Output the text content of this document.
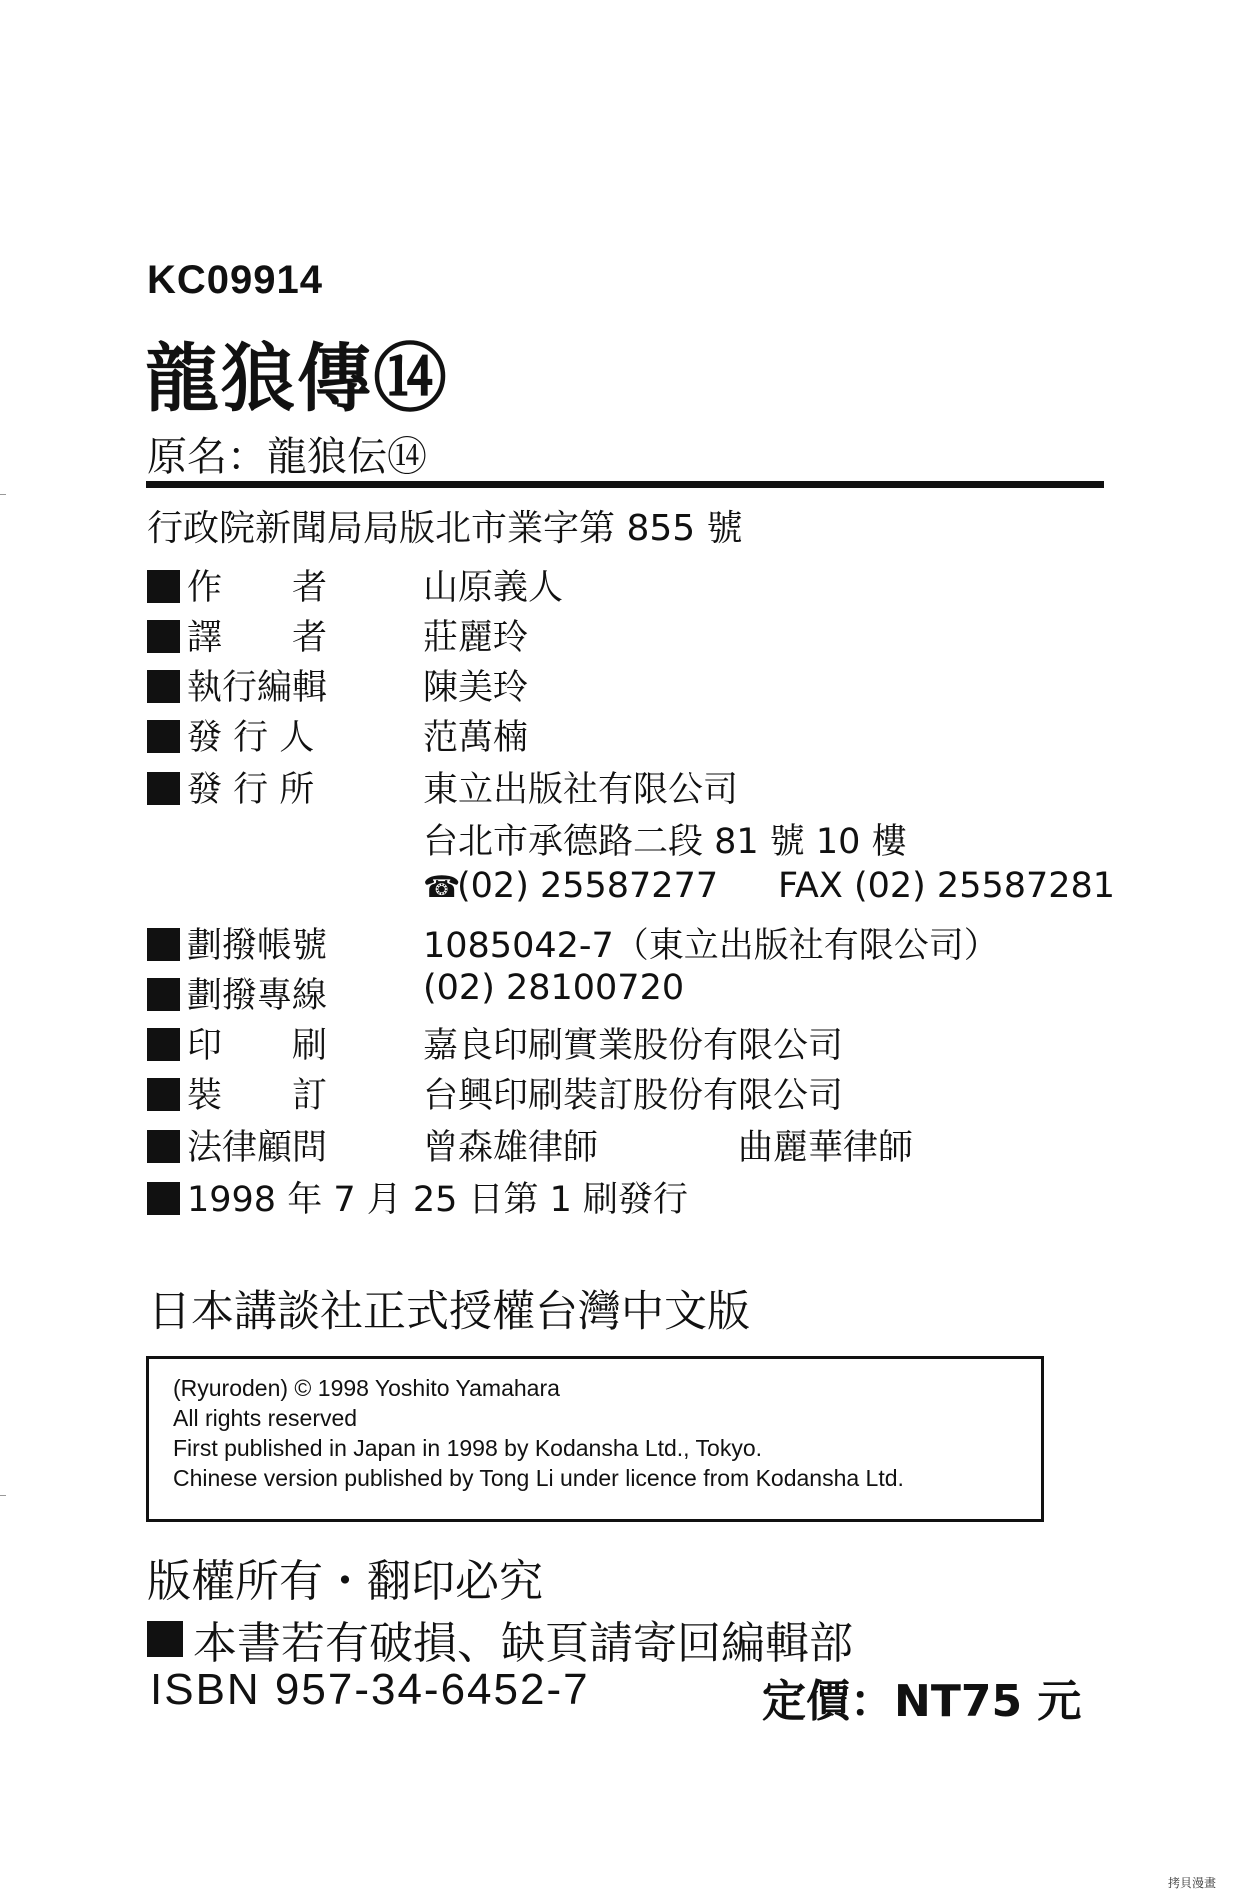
KC09914
龍狼傳⑭
原名：龍狼伝⑭
行政院新聞局局版北市業字第 855 號
作　　者	山原義人
譯　　者	莊麗玲
執行編輯	陳美玲
發 行 人	范萬楠
發 行 所	東立出版社有限公司
台北市承德路二段 81 號 10 樓
☎(02) 25587277 FAX (02) 25587281
劃撥帳號	1085042-7（東立出版社有限公司）
劃撥專線	(02) 28100720
印　　刷	嘉良印刷實業股份有限公司
裝　　訂	台興印刷裝訂股份有限公司
法律顧問	曾森雄律師	曲麗華律師
1998 年 7 月 25 日第 1 刷發行
日本講談社正式授權台灣中文版
(Ryuroden) © 1998 Yoshito Yamahara
All rights reserved
First published in Japan in 1998 by Kodansha Ltd., Tokyo.
Chinese version published by Tong Li under licence from Kodansha Ltd.
版權所有・翻印必究
本書若有破損、缺頁請寄回編輯部
ISBN 957-34-6452-7	定價：NT75 元
拷貝漫畫
